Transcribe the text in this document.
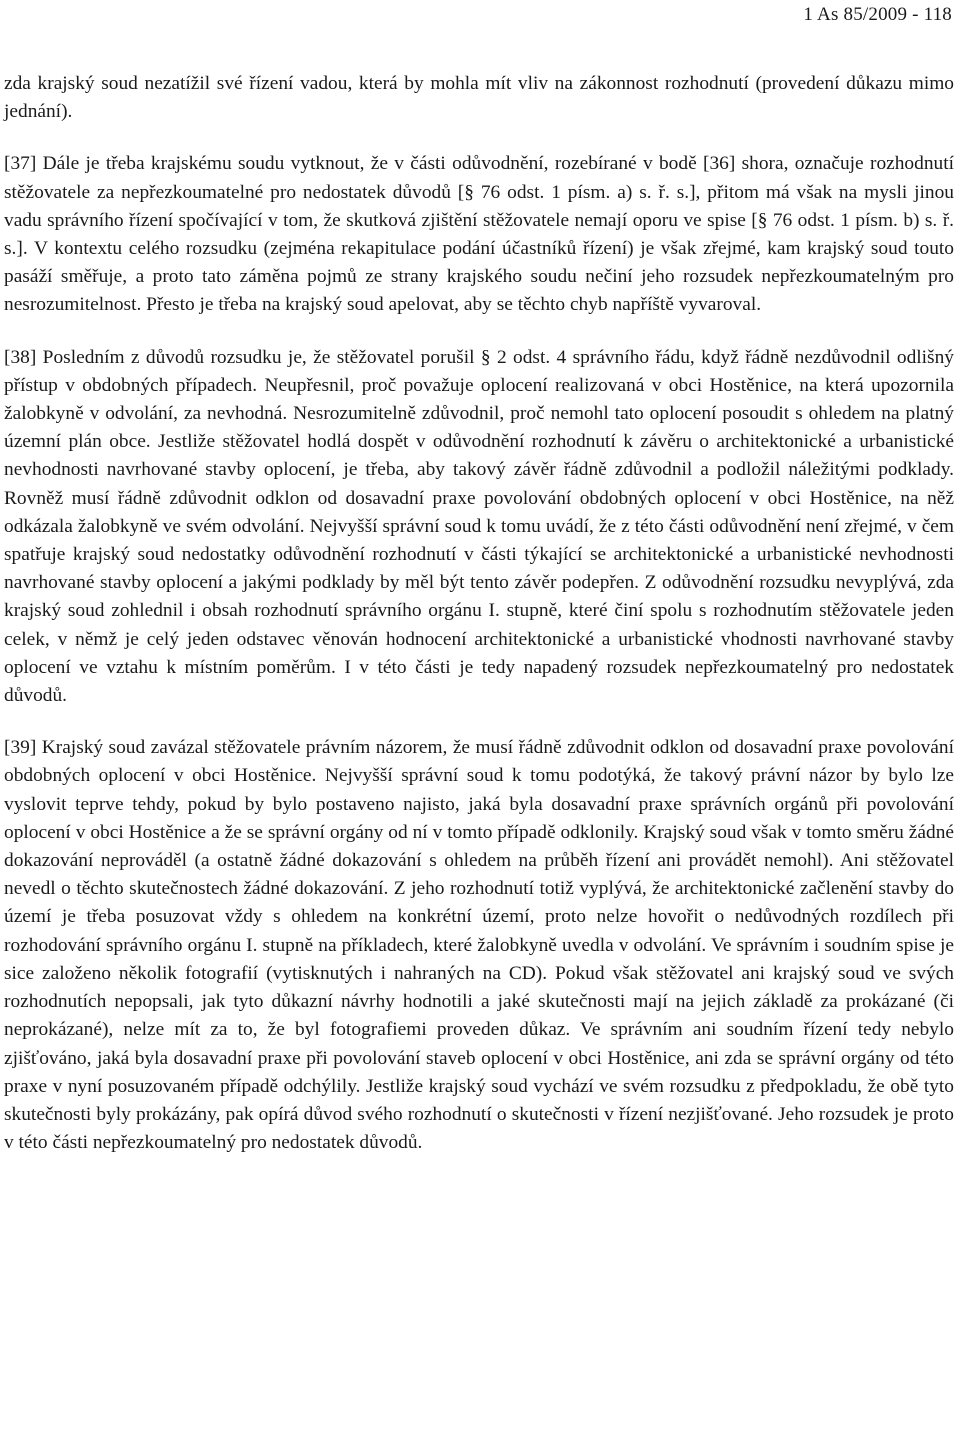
1 As 85/2009 - 118

zda krajský soud nezatížil své řízení vadou, která by mohla mít vliv na zákonnost rozhodnutí (provedení důkazu mimo jednání).

[37] Dále je třeba krajskému soudu vytknout, že v části odůvodnění, rozebírané v bodě [36] shora, označuje rozhodnutí stěžovatele za nepřezkoumatelné pro nedostatek důvodů [§ 76 odst. 1 písm. a) s. ř. s.], přitom má však na mysli jinou vadu správního řízení spočívající v tom, že skutková zjištění stěžovatele nemají oporu ve spise [§ 76 odst. 1 písm. b) s. ř. s.]. V kontextu celého rozsudku (zejména rekapitulace podání účastníků řízení) je však zřejmé, kam krajský soud touto pasáží směřuje, a proto tato záměna pojmů ze strany krajského soudu nečiní jeho rozsudek nepřezkoumatelným pro nesrozumitelnost. Přesto je třeba na krajský soud apelovat, aby se těchto chyb napříště vyvaroval.

[38] Posledním z důvodů rozsudku je, že stěžovatel porušil § 2 odst. 4 správního řádu, když řádně nezdůvodnil odlišný přístup v obdobných případech. Neupřesnil, proč považuje oplocení realizovaná v obci Hostěnice, na která upozornila žalobkyně v odvolání, za nevhodná. Nesrozumitelně zdůvodnil, proč nemohl tato oplocení posoudit s ohledem na platný územní plán obce. Jestliže stěžovatel hodlá dospět v odůvodnění rozhodnutí k závěru o architektonické a urbanistické nevhodnosti navrhované stavby oplocení, je třeba, aby takový závěr řádně zdůvodnil a podložil náležitými podklady. Rovněž musí řádně zdůvodnit odklon od dosavadní praxe povolování obdobných oplocení v obci Hostěnice, na něž odkázala žalobkyně ve svém odvolání. Nejvyšší správní soud k tomu uvádí, že z této části odůvodnění není zřejmé, v čem spatřuje krajský soud nedostatky odůvodnění rozhodnutí v části týkající se architektonické a urbanistické nevhodnosti navrhované stavby oplocení a jakými podklady by měl být tento závěr podepřen. Z odůvodnění rozsudku nevyplývá, zda krajský soud zohlednil i obsah rozhodnutí správního orgánu I. stupně, které činí spolu s rozhodnutím stěžovatele jeden celek, v němž je celý jeden odstavec věnován hodnocení architektonické a urbanistické vhodnosti navrhované stavby oplocení ve vztahu k místním poměrům. I v této části je tedy napadený rozsudek nepřezkoumatelný pro nedostatek důvodů.

[39] Krajský soud zavázal stěžovatele právním názorem, že musí řádně zdůvodnit odklon od dosavadní praxe povolování obdobných oplocení v obci Hostěnice. Nejvyšší správní soud k tomu podotýká, že takový právní názor by bylo lze vyslovit teprve tehdy, pokud by bylo postaveno najisto, jaká byla dosavadní praxe správních orgánů při povolování oplocení v obci Hostěnice a že se správní orgány od ní v tomto případě odklonily. Krajský soud však v tomto směru žádné dokazování neprováděl (a ostatně žádné dokazování s ohledem na průběh řízení ani provádět nemohl). Ani stěžovatel nevedl o těchto skutečnostech žádné dokazování. Z jeho rozhodnutí totiž vyplývá, že architektonické začlenění stavby do území je třeba posuzovat vždy s ohledem na konkrétní území, proto nelze hovořit o nedůvodných rozdílech při rozhodování správního orgánu I. stupně na příkladech, které žalobkyně uvedla v odvolání. Ve správním i soudním spise je sice založeno několik fotografií (vytisknutých i nahraných na CD). Pokud však stěžovatel ani krajský soud ve svých rozhodnutích nepopsali, jak tyto důkazní návrhy hodnotili a jaké skutečnosti mají na jejich základě za prokázané (či neprokázané), nelze mít za to, že byl fotografiemi proveden důkaz. Ve správním ani soudním řízení tedy nebylo zjišťováno, jaká byla dosavadní praxe při povolování staveb oplocení v obci Hostěnice, ani zda se správní orgány od této praxe v nyní posuzovaném případě odchýlily. Jestliže krajský soud vychází ve svém rozsudku z předpokladu, že obě tyto skutečnosti byly prokázány, pak opírá důvod svého rozhodnutí o skutečnosti v řízení nezjišťované. Jeho rozsudek je proto v této části nepřezkoumatelný pro nedostatek důvodů.
